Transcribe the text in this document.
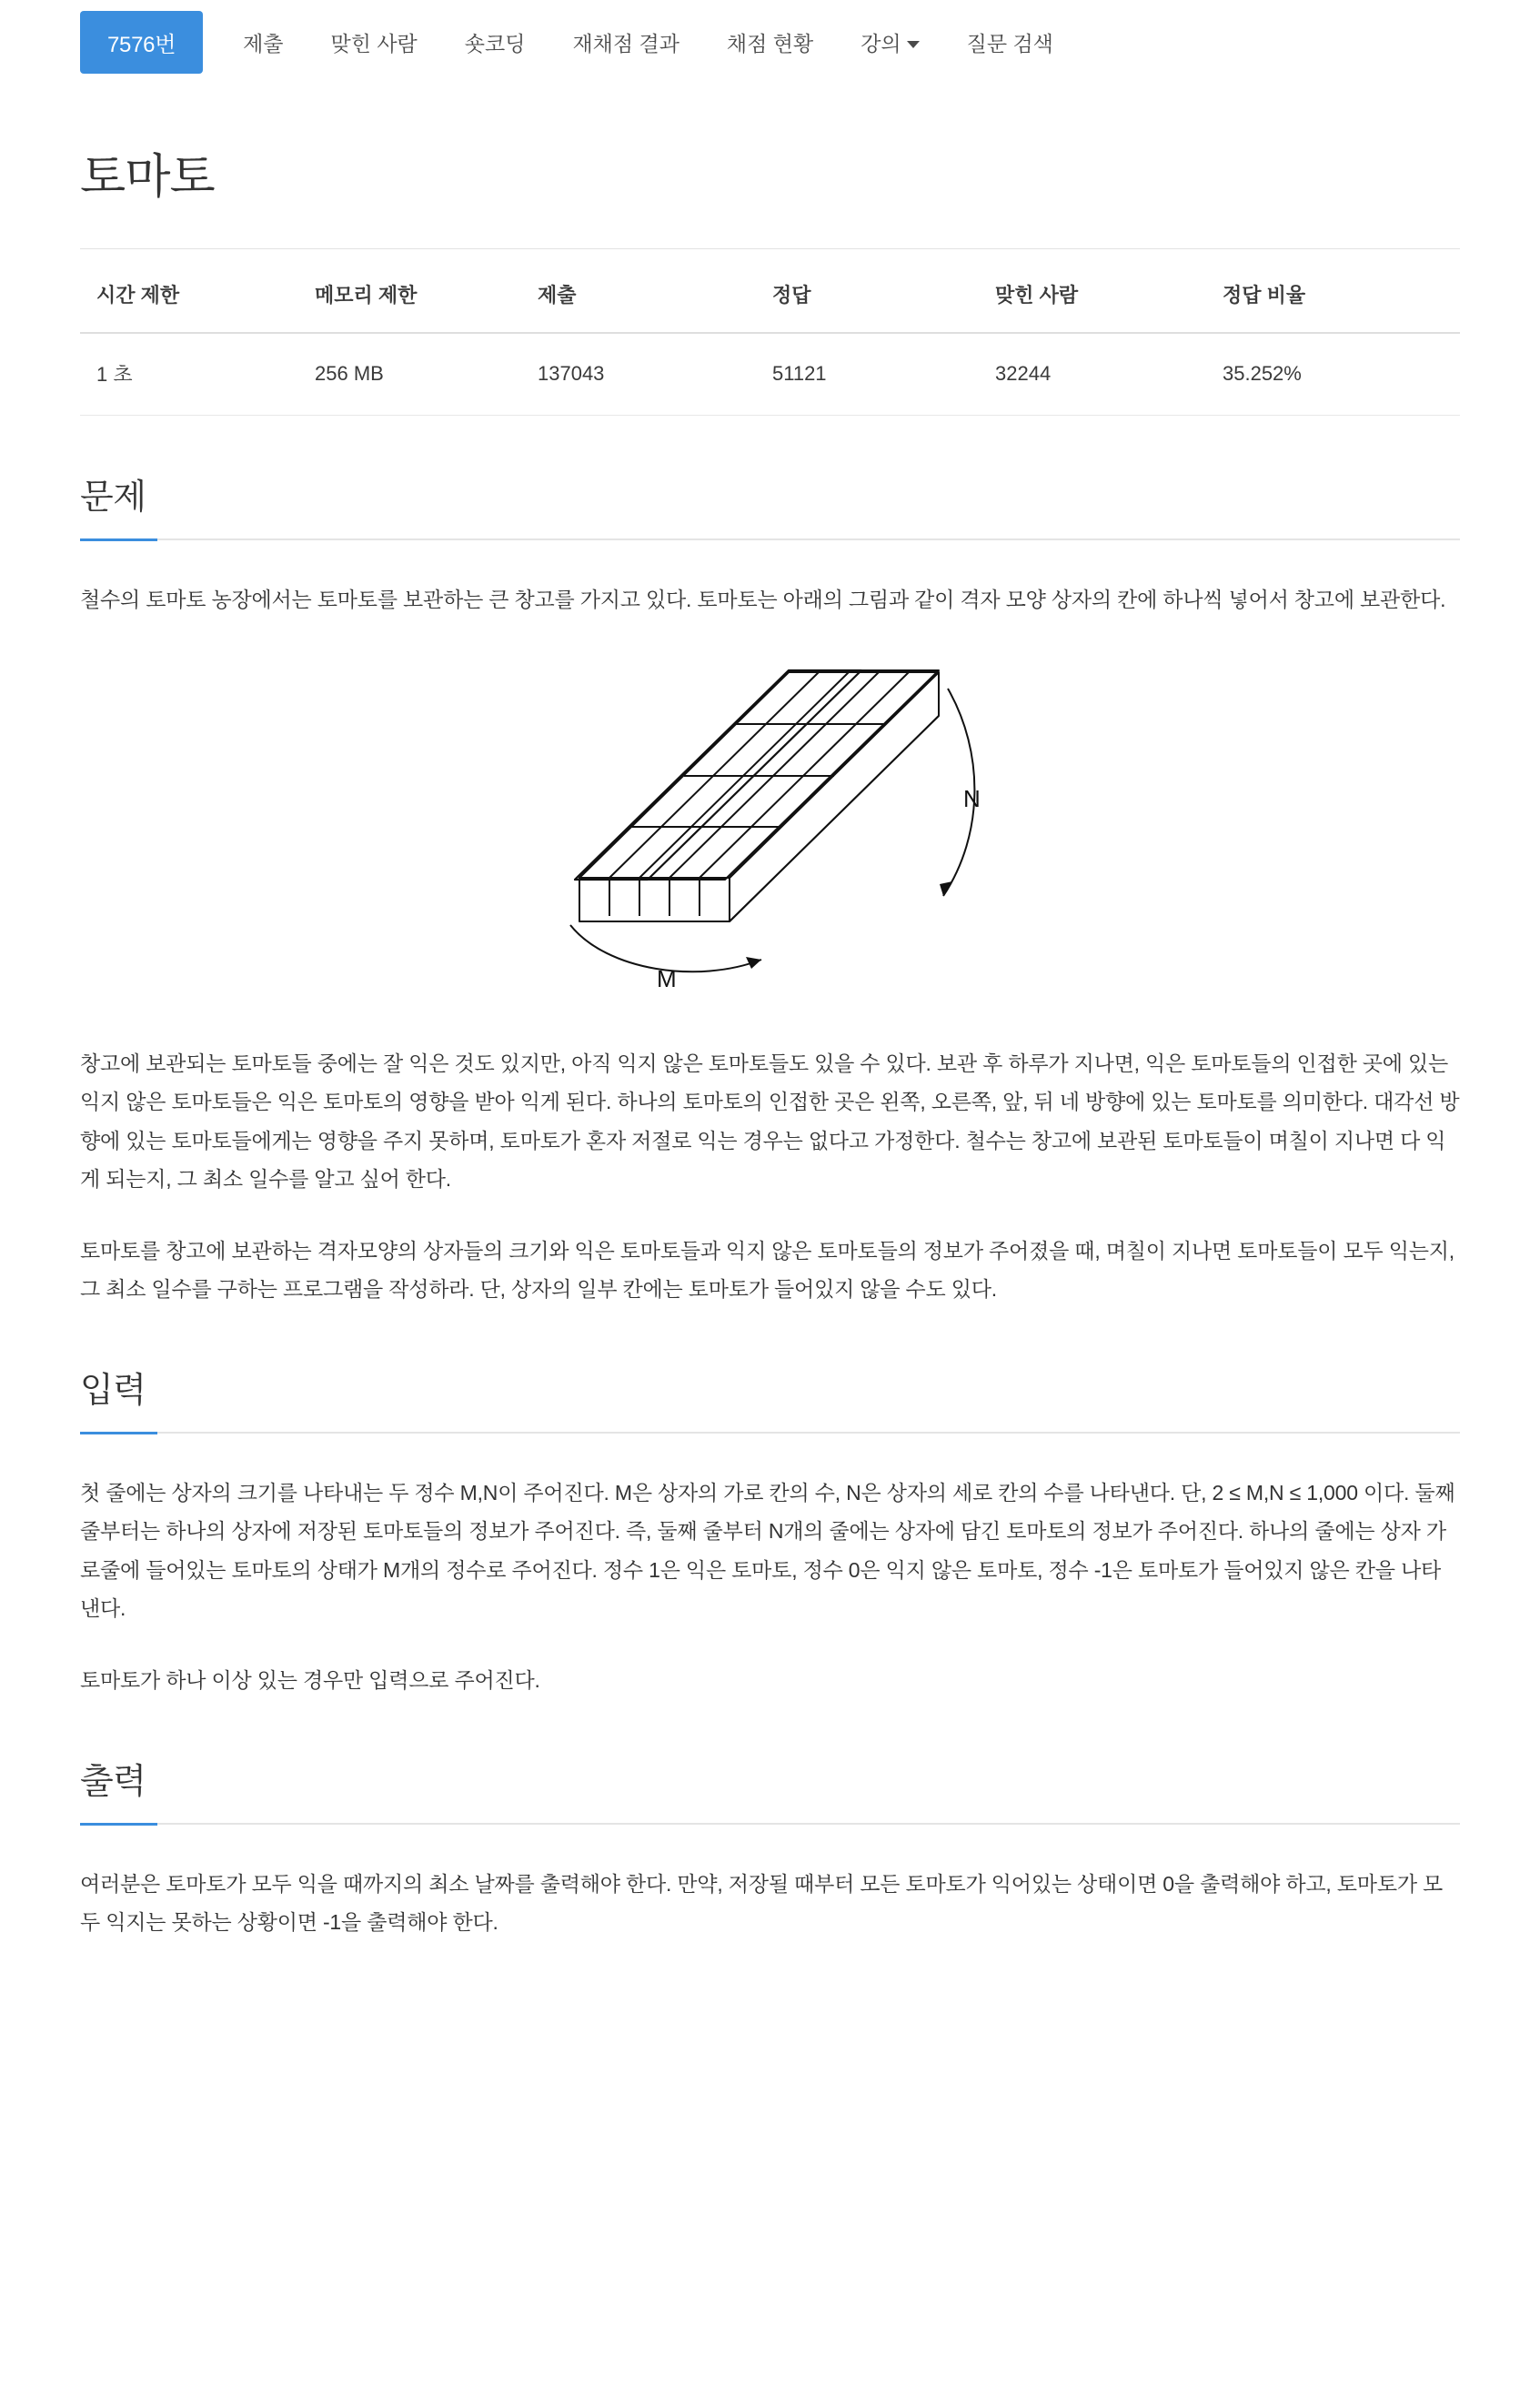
7576번	제출	맞힌 사람	숏코딩	재채점 결과	채점 현황	강의	질문 검색
토마토
시간 제한	메모리 제한	제출	정답	맞힌 사람	정답 비율
1 초	256 MB	137043	51121	32244	35.252%
문제

철수의 토마토 농장에서는 토마토를 보관하는 큰 창고를 가지고 있다. 토마토는 아래의 그림과 같이 격자 모양 상자의 칸에 하나씩 넣어서 창고에 보관한다.

N
M

창고에 보관되는 토마토들 중에는 잘 익은 것도 있지만, 아직 익지 않은 토마토들도 있을 수 있다. 보관 후 하루가 지나면, 익은 토마토들의 인접한 곳에 있는 익지 않은 토마토들은 익은 토마토의 영향을 받아 익게 된다. 하나의 토마토의 인접한 곳은 왼쪽, 오른쪽, 앞, 뒤 네 방향에 있는 토마토를 의미한다. 대각선 방향에 있는 토마토들에게는 영향을 주지 못하며, 토마토가 혼자 저절로 익는 경우는 없다고 가정한다. 철수는 창고에 보관된 토마토들이 며칠이 지나면 다 익게 되는지, 그 최소 일수를 알고 싶어 한다.

토마토를 창고에 보관하는 격자모양의 상자들의 크기와 익은 토마토들과 익지 않은 토마토들의 정보가 주어졌을 때, 며칠이 지나면 토마토들이 모두 익는지, 그 최소 일수를 구하는 프로그램을 작성하라. 단, 상자의 일부 칸에는 토마토가 들어있지 않을 수도 있다.

입력

첫 줄에는 상자의 크기를 나타내는 두 정수 M,N이 주어진다. M은 상자의 가로 칸의 수, N은 상자의 세로 칸의 수를 나타낸다. 단, 2 ≤ M,N ≤ 1,000 이다. 둘째 줄부터는 하나의 상자에 저장된 토마토들의 정보가 주어진다. 즉, 둘째 줄부터 N개의 줄에는 상자에 담긴 토마토의 정보가 주어진다. 하나의 줄에는 상자 가로줄에 들어있는 토마토의 상태가 M개의 정수로 주어진다. 정수 1은 익은 토마토, 정수 0은 익지 않은 토마토, 정수 -1은 토마토가 들어있지 않은 칸을 나타낸다.

토마토가 하나 이상 있는 경우만 입력으로 주어진다.

출력

여러분은 토마토가 모두 익을 때까지의 최소 날짜를 출력해야 한다. 만약, 저장될 때부터 모든 토마토가 익어있는 상태이면 0을 출력해야 하고, 토마토가 모두 익지는 못하는 상황이면 -1을 출력해야 한다.
